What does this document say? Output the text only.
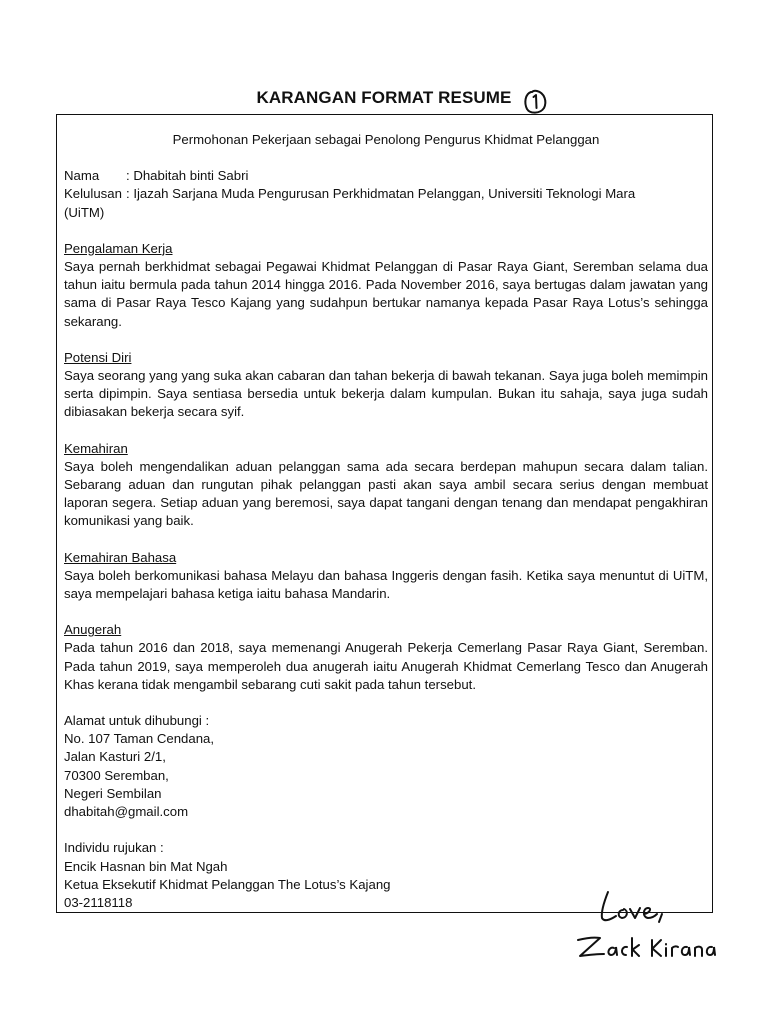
KARANGAN FORMAT RESUME
Permohonan Pekerjaan sebagai Penolong Pengurus Khidmat Pelanggan
Nama	: Dhabitah binti Sabri
Kelulusan : Ijazah Sarjana Muda Pengurusan Perkhidmatan Pelanggan, Universiti Teknologi Mara
(UiTM)
Pengalaman Kerja
Saya pernah berkhidmat sebagai Pegawai Khidmat Pelanggan di Pasar Raya Giant, Seremban selama dua tahun iaitu bermula pada tahun 2014 hingga 2016. Pada November 2016, saya bertugas dalam jawatan yang sama di Pasar Raya Tesco Kajang yang sudahpun bertukar namanya kepada Pasar Raya Lotus’s sehingga sekarang.
Potensi Diri
Saya seorang yang yang suka akan cabaran dan tahan bekerja di bawah tekanan. Saya juga boleh memimpin serta dipimpin. Saya sentiasa bersedia untuk bekerja dalam kumpulan. Bukan itu sahaja, saya juga sudah dibiasakan bekerja secara syif.
Kemahiran
Saya boleh mengendalikan aduan pelanggan sama ada secara berdepan mahupun secara dalam talian. Sebarang aduan dan rungutan pihak pelanggan pasti akan saya ambil secara serius dengan membuat laporan segera. Setiap aduan yang beremosi, saya dapat tangani dengan tenang dan mendapat pengakhiran komunikasi yang baik.
Kemahiran Bahasa
Saya boleh berkomunikasi bahasa Melayu dan bahasa Inggeris dengan fasih. Ketika saya menuntut di UiTM, saya mempelajari bahasa ketiga iaitu bahasa Mandarin.
Anugerah
Pada tahun 2016 dan 2018, saya memenangi Anugerah Pekerja Cemerlang Pasar Raya Giant, Seremban. Pada tahun 2019, saya memperoleh dua anugerah iaitu Anugerah Khidmat Cemerlang Tesco dan Anugerah Khas kerana tidak mengambil sebarang cuti sakit pada tahun tersebut.
Alamat untuk dihubungi :
No. 107 Taman Cendana,
Jalan Kasturi 2/1,
70300 Seremban,
Negeri Sembilan
dhabitah@gmail.com
Individu rujukan :
Encik Hasnan bin Mat Ngah
Ketua Eksekutif Khidmat Pelanggan The Lotus’s Kajang
03-2118118
